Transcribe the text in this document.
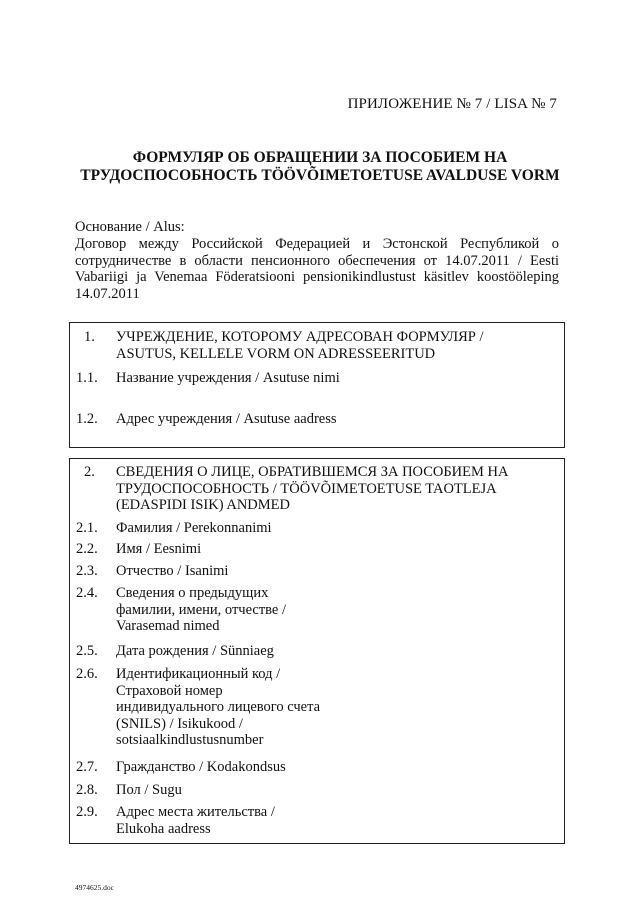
ПРИЛОЖЕНИЕ № 7 / LISA № 7
ФОРМУЛЯР ОБ ОБРАЩЕНИИ ЗА ПОСОБИЕМ НА
ТРУДОСПОСОБНОСТЬ TÖÖVÕIMETOETUSE AVALDUSE VORM
Основание / Alus:
Договор между Российской Федерацией и Эстонской Республикой о сотрудничестве в области пенсионного обеспечения от 14.07.2011 / Eesti Vabariigi ja Venemaa Föderatsiooni pensionikindlustust käsitlev koostööleping 14.07.2011
1. УЧРЕЖДЕНИЕ, КОТОРОМУ АДРЕСОВАН ФОРМУЛЯР / ASUTUS, KELLELE VORM ON ADRESSEERITUD
1.1. Название учреждения / Asutuse nimi
1.2. Адрес учреждения / Asutuse aadress
2. СВЕДЕНИЯ О ЛИЦЕ, ОБРАТИВШЕМСЯ ЗА ПОСОБИЕМ НА ТРУДОСПОСОБНОСТЬ / TÖÖVÕIMETOETUSE TAOTLEJA (EDASPIDI ISIK) ANDMED
2.1. Фамилия / Perekonnanimi
2.2. Имя / Eesnimi
2.3. Отчество / Isanimi
2.4. Сведения о предыдущих фамилии, имени, отчестве / Varasemad nimed
2.5. Дата рождения / Sünniaeg
2.6. Идентификационный код / Страховой номер индивидуального лицевого счета (SNILS) / Isikukood / sotsiaalkindlustusnumber
2.7. Гражданство / Kodakondsus
2.8. Пол / Sugu
2.9. Адрес места жительства / Elukoha aadress
4974625.doc
